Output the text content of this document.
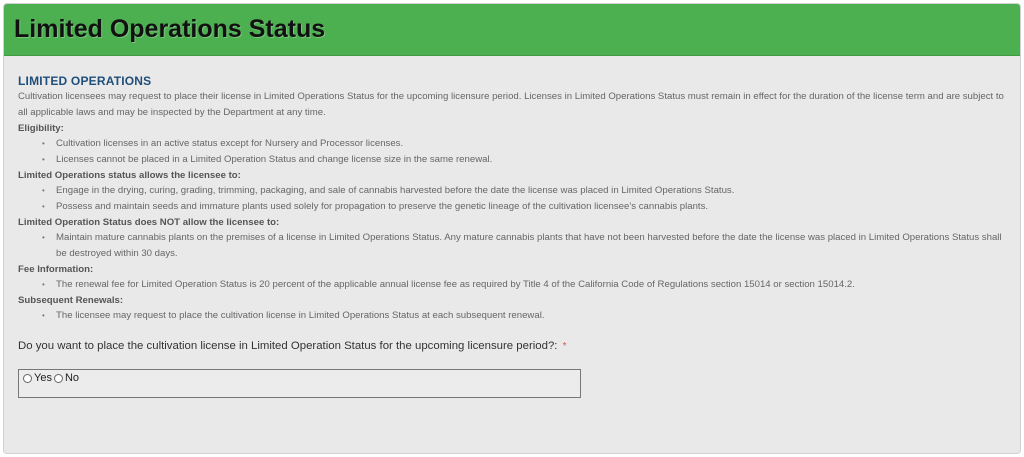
Limited Operations Status
LIMITED OPERATIONS

Cultivation licensees may request to place their license in Limited Operations Status for the upcoming licensure period. Licenses in Limited Operations Status must remain in effect for the duration of the license term and are subject to all applicable laws and may be inspected by the Department at any time.

Eligibility:
• Cultivation licenses in an active status except for Nursery and Processor licenses.
• Licenses cannot be placed in a Limited Operation Status and change license size in the same renewal.
Limited Operations status allows the licensee to:
• Engage in the drying, curing, grading, trimming, packaging, and sale of cannabis harvested before the date the license was placed in Limited Operations Status.
• Possess and maintain seeds and immature plants used solely for propagation to preserve the genetic lineage of the cultivation licensee’s cannabis plants.
Limited Operation Status does NOT allow the licensee to:
• Maintain mature cannabis plants on the premises of a license in Limited Operations Status. Any mature cannabis plants that have not been harvested before the date the license was placed in Limited Operations Status shall be destroyed within 30 days.
Fee Information:
• The renewal fee for Limited Operation Status is 20 percent of the applicable annual license fee as required by Title 4 of the California Code of Regulations section 15014 or section 15014.2.
Subsequent Renewals:
• The licensee may request to place the cultivation license in Limited Operations Status at each subsequent renewal.
Do you want to place the cultivation license in Limited Operation Status for the upcoming licensure period?: *
Yes No
